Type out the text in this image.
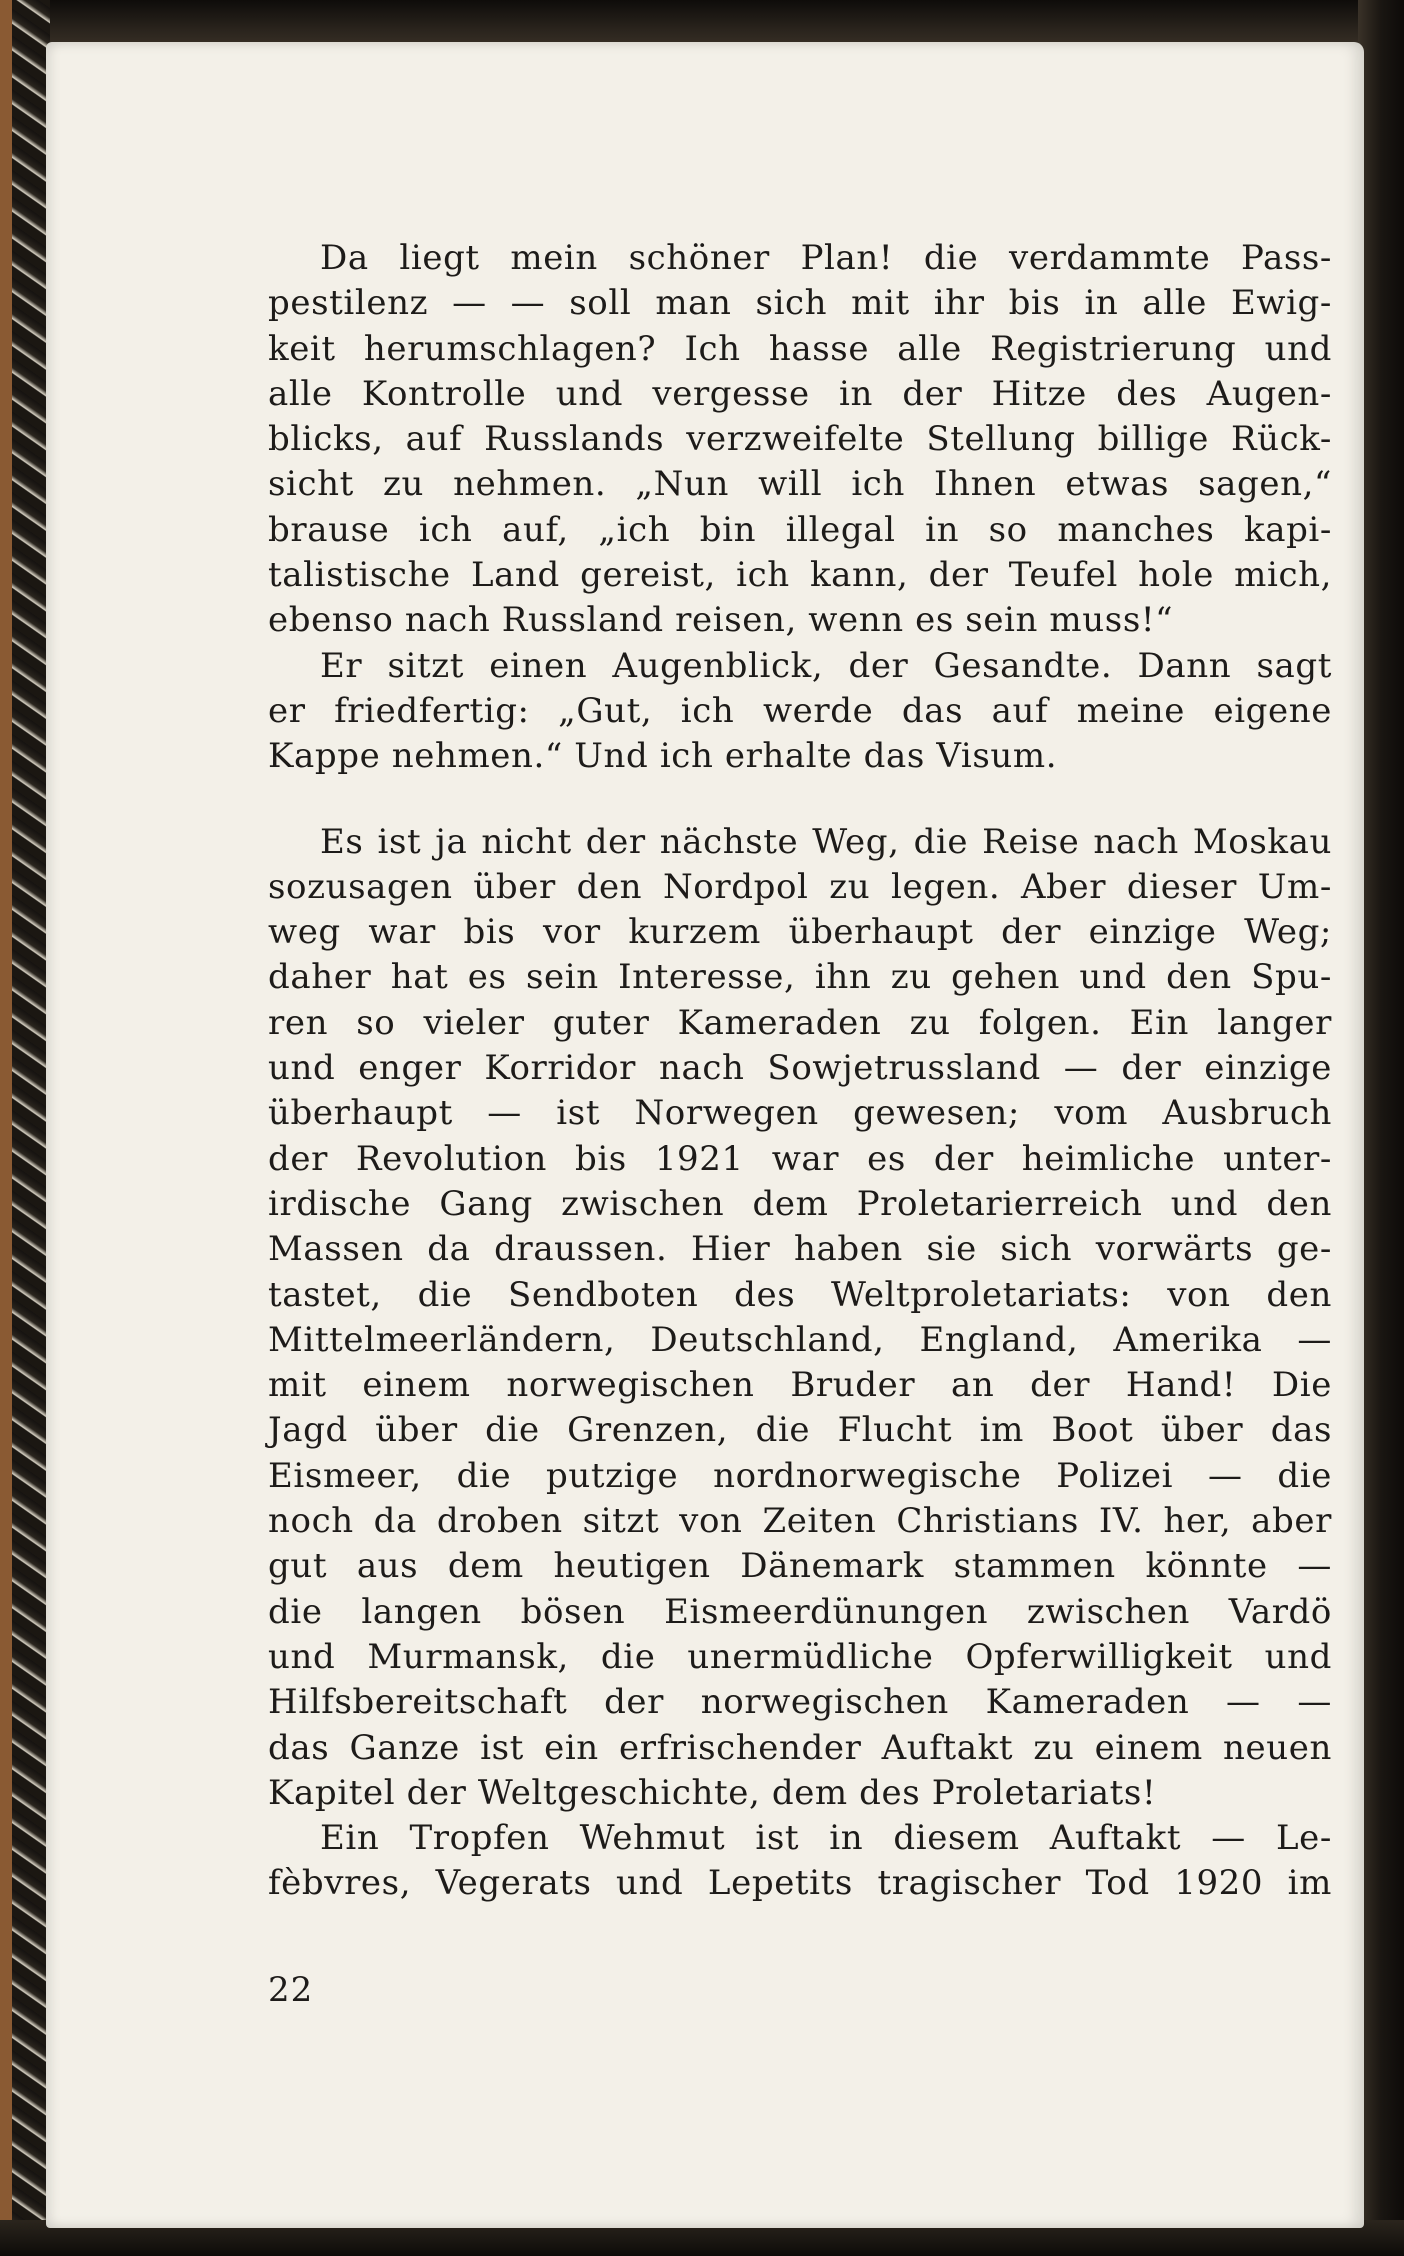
Da liegt mein schöner Plan! die verdammte Pass-
pestilenz — — soll man sich mit ihr bis in alle Ewig-
keit herumschlagen? Ich hasse alle Registrierung und
alle Kontrolle und vergesse in der Hitze des Augen-
blicks, auf Russlands verzweifelte Stellung billige Rück-
sicht zu nehmen. „Nun will ich Ihnen etwas sagen,“
brause ich auf, „ich bin illegal in so manches kapi-
talistische Land gereist, ich kann, der Teufel hole mich,
ebenso nach Russland reisen, wenn es sein muss!“
Er sitzt einen Augenblick, der Gesandte. Dann sagt
er friedfertig: „Gut, ich werde das auf meine eigene
Kappe nehmen.“ Und ich erhalte das Visum.
Es ist ja nicht der nächste Weg, die Reise nach Moskau
sozusagen über den Nordpol zu legen. Aber dieser Um-
weg war bis vor kurzem überhaupt der einzige Weg;
daher hat es sein Interesse, ihn zu gehen und den Spu-
ren so vieler guter Kameraden zu folgen. Ein langer
und enger Korridor nach Sowjetrussland — der einzige
überhaupt — ist Norwegen gewesen; vom Ausbruch
der Revolution bis 1921 war es der heimliche unter-
irdische Gang zwischen dem Proletarierreich und den
Massen da draussen. Hier haben sie sich vorwärts ge-
tastet, die Sendboten des Weltproletariats: von den
Mittelmeerländern, Deutschland, England, Amerika —
mit einem norwegischen Bruder an der Hand! Die
Jagd über die Grenzen, die Flucht im Boot über das
Eismeer, die putzige nordnorwegische Polizei — die
noch da droben sitzt von Zeiten Christians IV. her, aber
gut aus dem heutigen Dänemark stammen könnte —
die langen bösen Eismeerdünungen zwischen Vardö
und Murmansk, die unermüdliche Opferwilligkeit und
Hilfsbereitschaft der norwegischen Kameraden — —
das Ganze ist ein erfrischender Auftakt zu einem neuen
Kapitel der Weltgeschichte, dem des Proletariats!
Ein Tropfen Wehmut ist in diesem Auftakt — Le-
fèbvres, Vegerats und Lepetits tragischer Tod 1920 im
22
